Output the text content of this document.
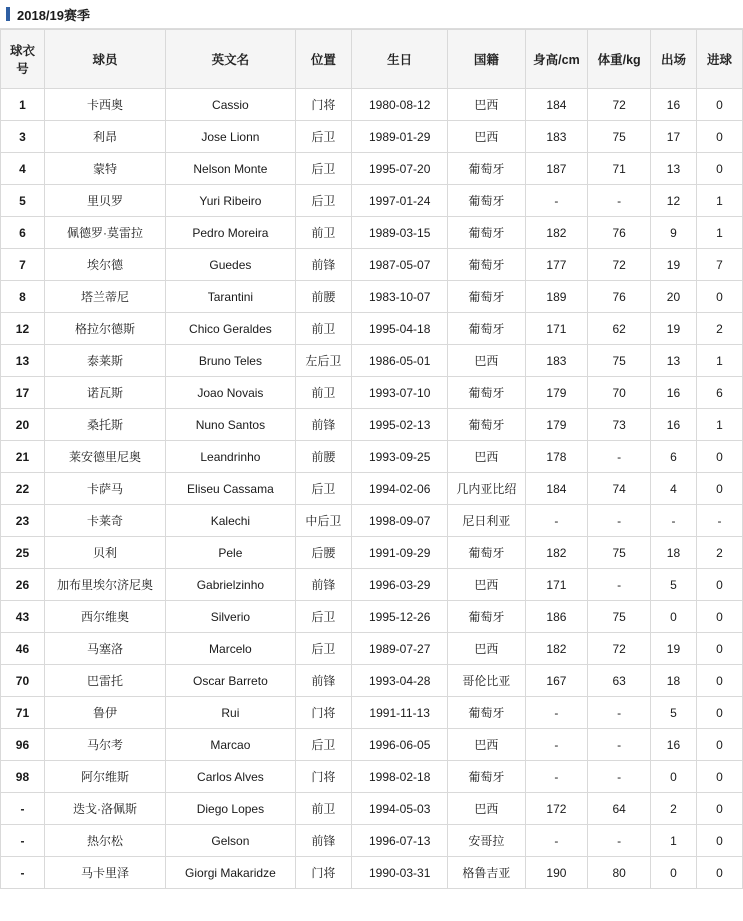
2018/19赛季
球衣号	球员	英文名	位置	生日	国籍	身高/cm	体重/kg	出场	进球
1	卡西奥	Cassio	门将	1980-08-12	巴西	184	72	16	0
3	利昂	Jose Lionn	后卫	1989-01-29	巴西	183	75	17	0
4	蒙特	Nelson Monte	后卫	1995-07-20	葡萄牙	187	71	13	0
5	里贝罗	Yuri Ribeiro	后卫	1997-01-24	葡萄牙	-	-	12	1
6	佩德罗·莫雷拉	Pedro Moreira	前卫	1989-03-15	葡萄牙	182	76	9	1
7	埃尔德	Guedes	前锋	1987-05-07	葡萄牙	177	72	19	7
8	塔兰蒂尼	Tarantini	前腰	1983-10-07	葡萄牙	189	76	20	0
12	格拉尔德斯	Chico Geraldes	前卫	1995-04-18	葡萄牙	171	62	19	2
13	泰莱斯	Bruno Teles	左后卫	1986-05-01	巴西	183	75	13	1
17	诺瓦斯	Joao Novais	前卫	1993-07-10	葡萄牙	179	70	16	6
20	桑托斯	Nuno Santos	前锋	1995-02-13	葡萄牙	179	73	16	1
21	莱安德里尼奥	Leandrinho	前腰	1993-09-25	巴西	178	-	6	0
22	卡萨马	Eliseu Cassama	后卫	1994-02-06	几内亚比绍	184	74	4	0
23	卡莱奇	Kalechi	中后卫	1998-09-07	尼日利亚	-	-	-	-
25	贝利	Pele	后腰	1991-09-29	葡萄牙	182	75	18	2
26	加布里埃尔济尼奥	Gabrielzinho	前锋	1996-03-29	巴西	171	-	5	0
43	西尔维奥	Silverio	后卫	1995-12-26	葡萄牙	186	75	0	0
46	马塞洛	Marcelo	后卫	1989-07-27	巴西	182	72	19	0
70	巴雷托	Oscar Barreto	前锋	1993-04-28	哥伦比亚	167	63	18	0
71	鲁伊	Rui	门将	1991-11-13	葡萄牙	-	-	5	0
96	马尔考	Marcao	后卫	1996-06-05	巴西	-	-	16	0
98	阿尔维斯	Carlos Alves	门将	1998-02-18	葡萄牙	-	-	0	0
-	迭戈·洛佩斯	Diego Lopes	前卫	1994-05-03	巴西	172	64	2	0
-	热尔松	Gelson	前锋	1996-07-13	安哥拉	-	-	1	0
-	马卡里泽	Giorgi Makaridze	门将	1990-03-31	格鲁吉亚	190	80	0	0
